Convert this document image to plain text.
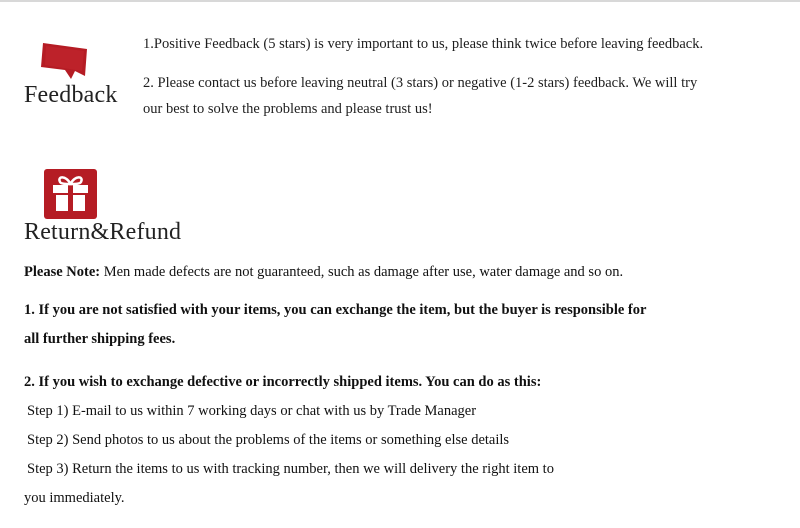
Feedback
1.Positive Feedback (5 stars) is very important to us, please think twice before leaving feedback.
2. Please contact us before leaving neutral (3 stars) or negative (1-2 stars) feedback. We will try
our best to solve the problems and please trust us!
Return&Refund
Please Note: Men made defects are not guaranteed, such as damage after use, water damage and so on.
1. If you are not satisfied with your items, you can exchange the item, but the buyer is responsible for
all further shipping fees.
2. If you wish to exchange defective or incorrectly shipped items. You can do as this:
Step 1) E-mail to us within 7 working days or chat with us by Trade Manager
Step 2) Send photos to us about the problems of the items or something else details
Step 3) Return the items to us with tracking number, then we will delivery the right item to
you immediately.
